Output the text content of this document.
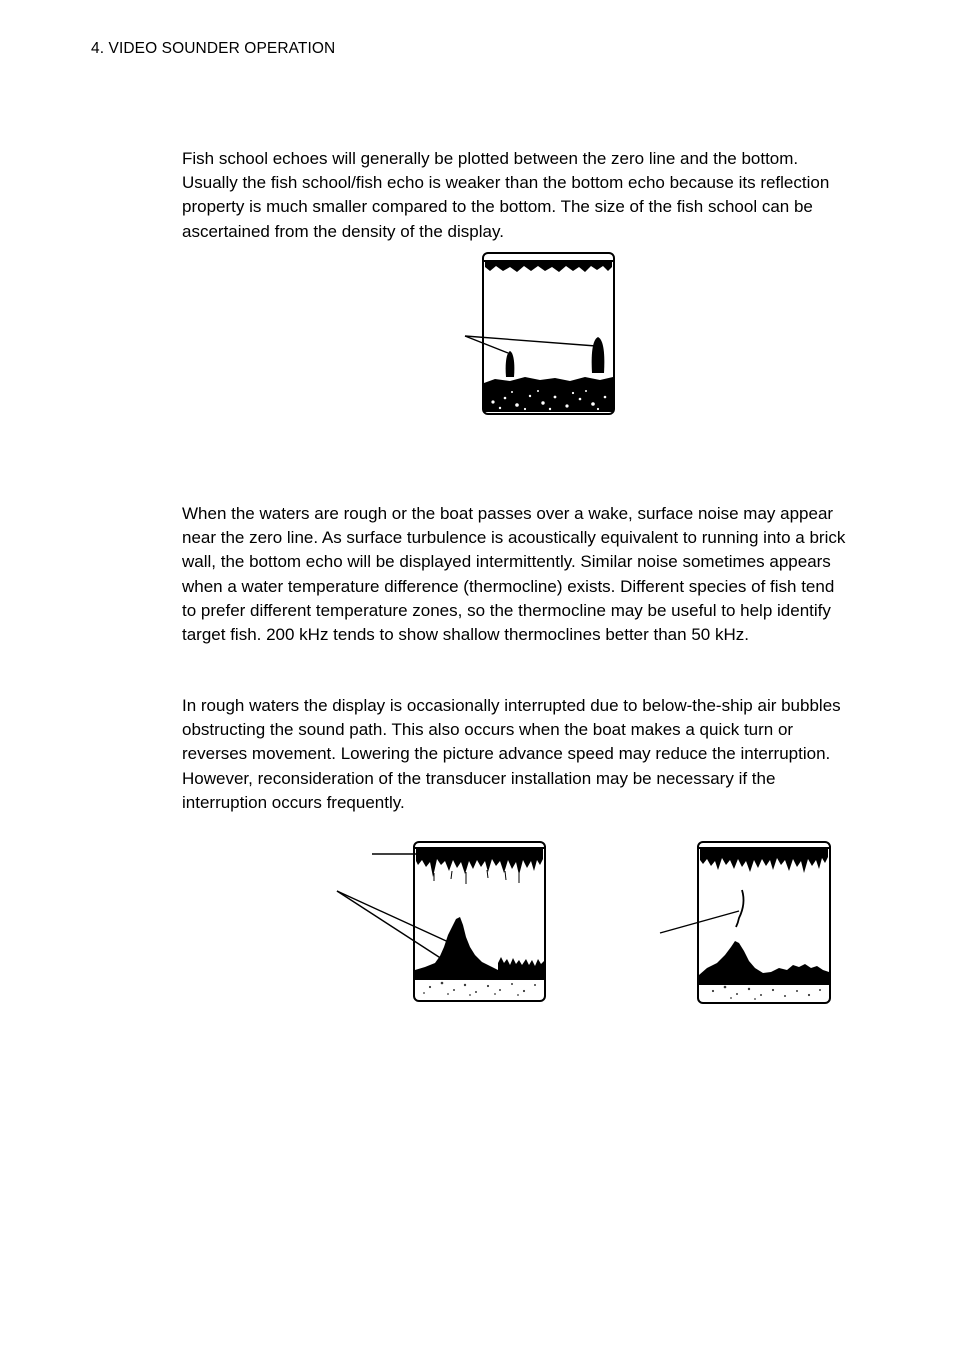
4. VIDEO SOUNDER OPERATION

Fish school echoes will generally be plotted between the zero line and the bottom. Usually the fish school/fish echo is weaker than the bottom echo because its reflection property is much smaller compared to the bottom. The size of the fish school can be ascertained from the density of the display.

When the waters are rough or the boat passes over a wake, surface noise may appear near the zero line. As surface turbulence is acoustically equivalent to running into a brick wall, the bottom echo will be displayed intermittently. Similar noise sometimes appears when a water temperature difference (thermocline) exists. Different species of fish tend to prefer different temperature zones, so the thermocline may be useful to help identify target fish. 200 kHz tends to show shallow thermoclines better than 50 kHz.

In rough waters the display is occasionally interrupted due to below-the-ship air bubbles obstructing the sound path. This also occurs when the boat makes a quick turn or reverses movement. Lowering the picture advance speed may reduce the interruption. However, reconsideration of the transducer installation may be necessary if the interruption occurs frequently.
